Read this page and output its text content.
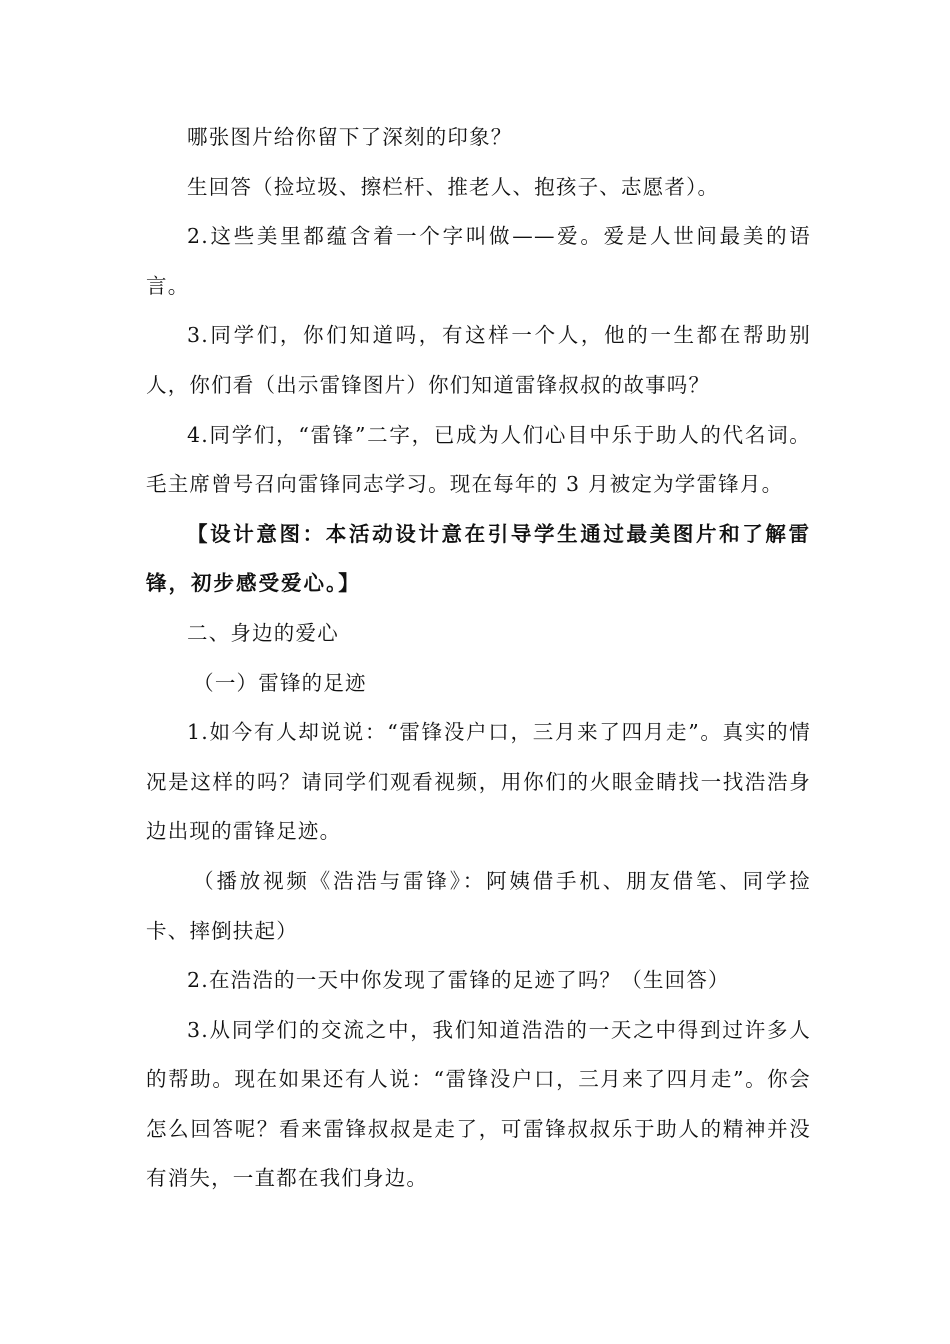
哪张图片给你留下了深刻的印象？

生回答（捡垃圾、擦栏杆、推老人、抱孩子、志愿者）。

2.这些美里都蕴含着一个字叫做——爱。爱是人世间最美的语言。

3.同学们，你们知道吗，有这样一个人，他的一生都在帮助别人，你们看（出示雷锋图片）你们知道雷锋叔叔的故事吗？

4.同学们，“雷锋”二字，已成为人们心目中乐于助人的代名词。毛主席曾号召向雷锋同志学习。现在每年的 3 月被定为学雷锋月。

【设计意图：本活动设计意在引导学生通过最美图片和了解雷锋，初步感受爱心。】

二、身边的爱心

（一）雷锋的足迹

1.如今有人却说说：“雷锋没户口，三月来了四月走”。真实的情况是这样的吗？请同学们观看视频，用你们的火眼金睛找一找浩浩身边出现的雷锋足迹。

（播放视频《浩浩与雷锋》：阿姨借手机、朋友借笔、同学捡卡、摔倒扶起）

2.在浩浩的一天中你发现了雷锋的足迹了吗？（生回答）

3.从同学们的交流之中，我们知道浩浩的一天之中得到过许多人的帮助。现在如果还有人说：“雷锋没户口，三月来了四月走”。你会怎么回答呢？看来雷锋叔叔是走了，可雷锋叔叔乐于助人的精神并没有消失，一直都在我们身边。
